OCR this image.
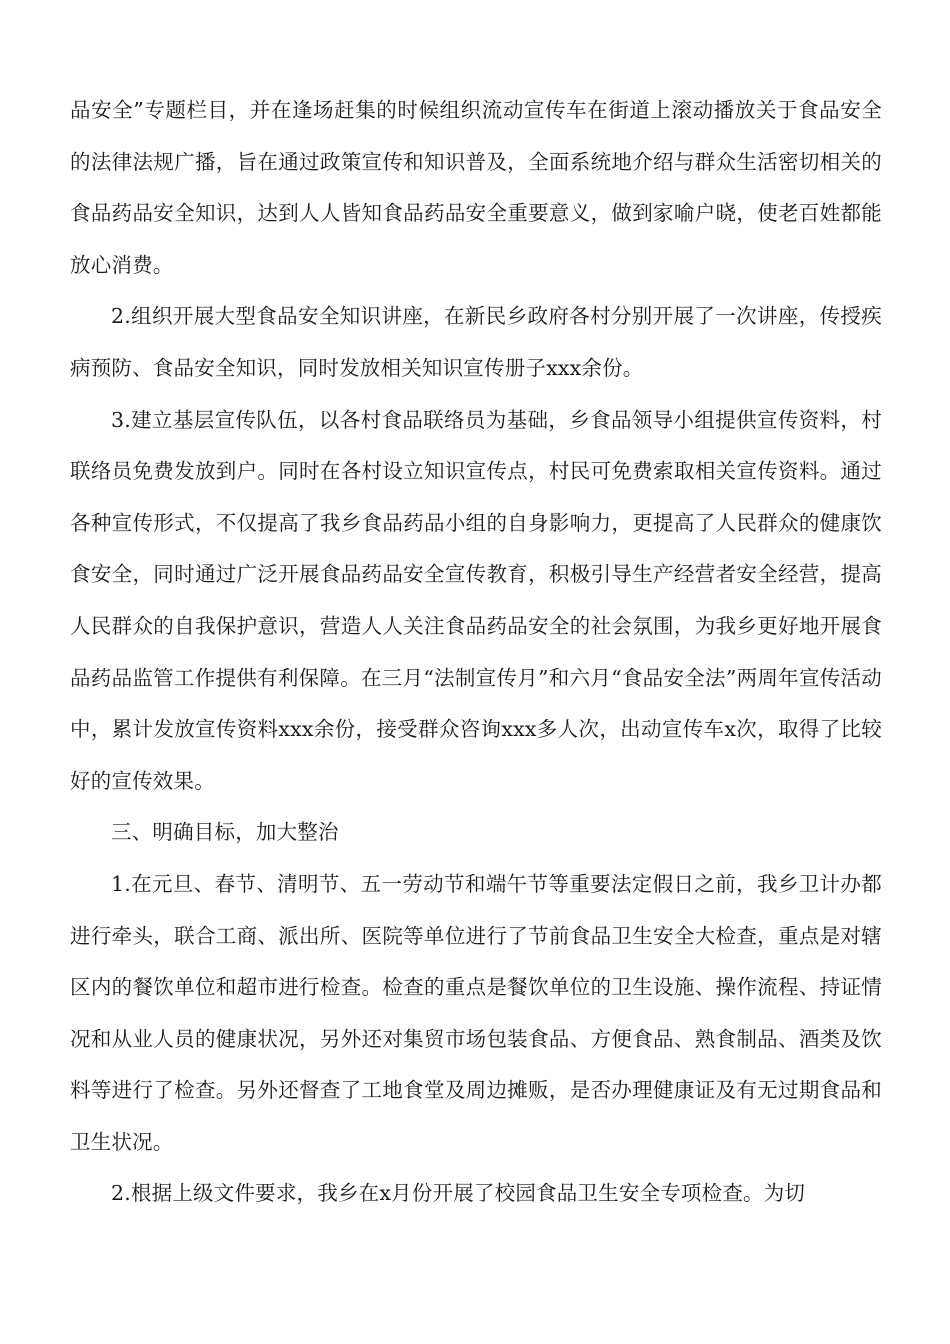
品安全”专题栏目，并在逢场赶集的时候组织流动宣传车在街道上滚动播放关于食品安全的法律法规广播，旨在通过政策宣传和知识普及，全面系统地介绍与群众生活密切相关的食品药品安全知识，达到人人皆知食品药品安全重要意义，做到家喻户晓，使老百姓都能放心消费。

2.组织开展大型食品安全知识讲座，在新民乡政府各村分别开展了一次讲座，传授疾病预防、食品安全知识，同时发放相关知识宣传册子xxx余份。

3.建立基层宣传队伍，以各村食品联络员为基础，乡食品领导小组提供宣传资料，村联络员免费发放到户。同时在各村设立知识宣传点，村民可免费索取相关宣传资料。通过各种宣传形式，不仅提高了我乡食品药品小组的自身影响力，更提高了人民群众的健康饮食安全，同时通过广泛开展食品药品安全宣传教育，积极引导生产经营者安全经营，提高人民群众的自我保护意识，营造人人关注食品药品安全的社会氛围，为我乡更好地开展食品药品监管工作提供有利保障。在三月“法制宣传月”和六月“食品安全法”两周年宣传活动中，累计发放宣传资料xxx余份，接受群众咨询xxx多人次，出动宣传车x次，取得了比较好的宣传效果。

三、明确目标，加大整治

1.在元旦、春节、清明节、五一劳动节和端午节等重要法定假日之前，我乡卫计办都进行牵头，联合工商、派出所、医院等单位进行了节前食品卫生安全大检查，重点是对辖区内的餐饮单位和超市进行检查。检查的重点是餐饮单位的卫生设施、操作流程、持证情况和从业人员的健康状况，另外还对集贸市场包装食品、方便食品、熟食制品、酒类及饮料等进行了检查。另外还督查了工地食堂及周边摊贩，是否办理健康证及有无过期食品和卫生状况。

2.根据上级文件要求，我乡在x月份开展了校园食品卫生安全专项检查。为切
